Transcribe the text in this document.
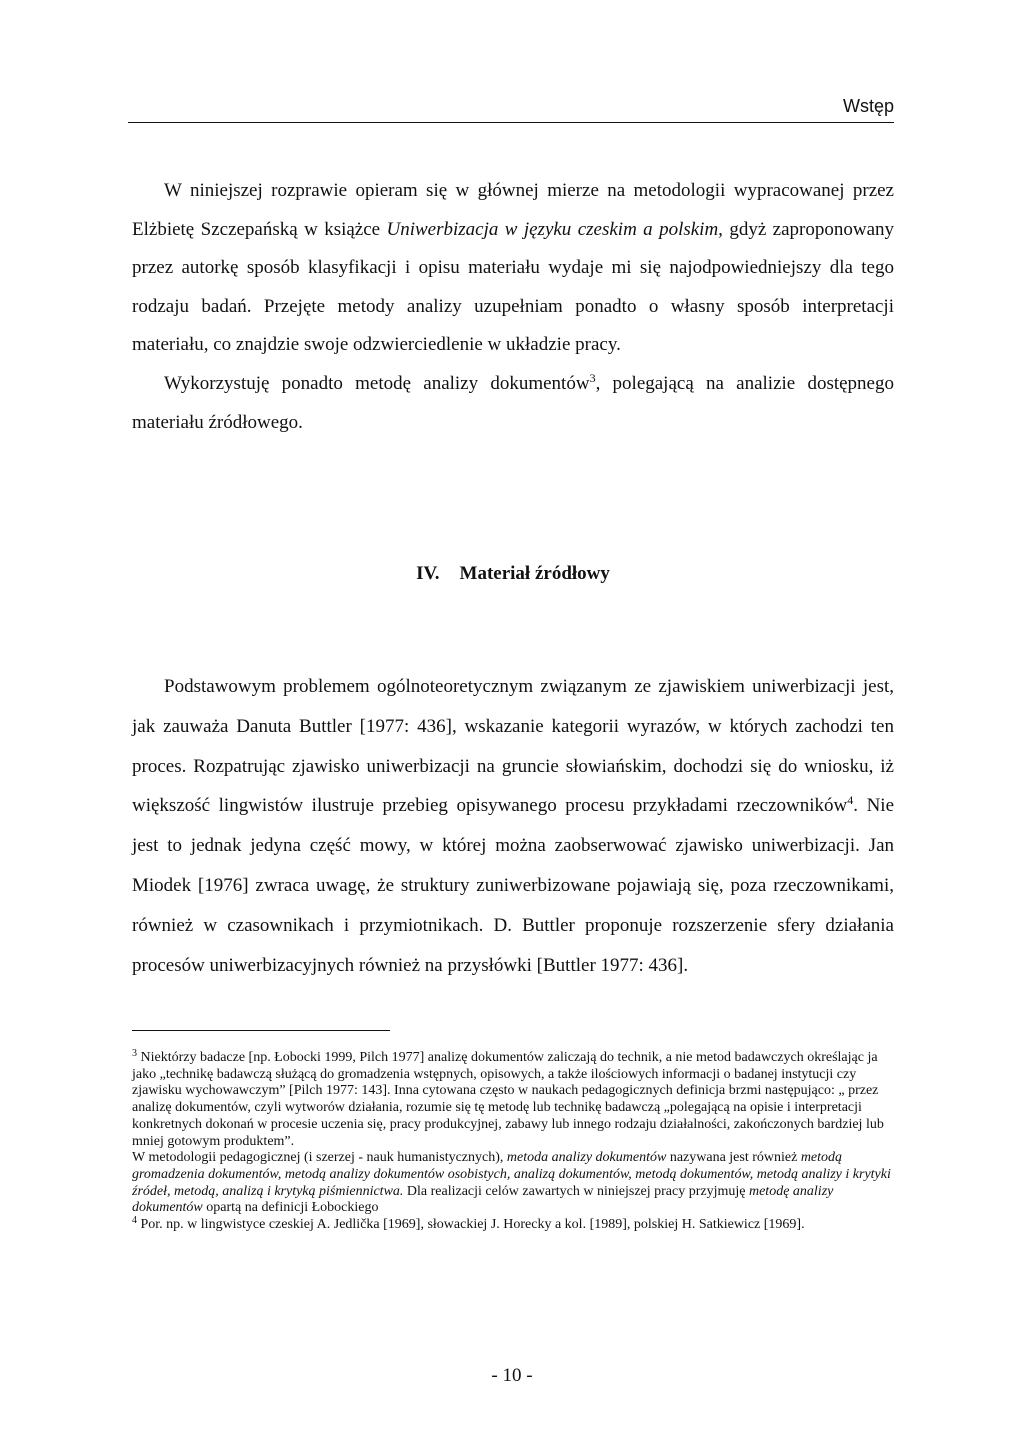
Wstęp

W niniejszej rozprawie opieram się w głównej mierze na metodologii wypracowanej przez Elżbietę Szczepańską w książce Uniwerbizacja w języku czeskim a polskim, gdyż zaproponowany przez autorkę sposób klasyfikacji i opisu materiału wydaje mi się najodpowiedniejszy dla tego rodzaju badań. Przejęte metody analizy uzupełniam ponadto o własny sposób interpretacji materiału, co znajdzie swoje odzwierciedlenie w układzie pracy.

Wykorzystuję ponadto metodę analizy dokumentów$^3$, polegającą na analizie dostępnego materiału źródłowego.

IV. Materiał źródłowy

Podstawowym problemem ogólnoteoretycznym związanym ze zjawiskiem uniwerbizacji jest, jak zauważa Danuta Buttler [1977: 436], wskazanie kategorii wyrazów, w których zachodzi ten proces. Rozpatrując zjawisko uniwerbizacji na gruncie słowiańskim, dochodzi się do wniosku, iż większość lingwistów ilustruje przebieg opisywanego procesu przykładami rzeczowników$^4$. Nie jest to jednak jedyna część mowy, w której można zaobserwować zjawisko uniwerbizacji. Jan Miodek [1976] zwraca uwagę, że struktury zuniwerbizowane pojawiają się, poza rzeczownikami, również w czasownikach i przymiotnikach. D. Buttler proponuje rozszerzenie sfery działania procesów uniwerbizacyjnych również na przysłówki [Buttler 1977: 436].

$^3$ Niektórzy badacze [np. Łobocki 1999, Pilch 1977] analizę dokumentów zaliczają do technik, a nie metod badawczych określając ja jako „technikę badawczą służącą do gromadzenia wstępnych, opisowych, a także ilościowych informacji o badanej instytucji czy zjawisku wychowawczym” [Pilch 1977: 143]. Inna cytowana często w naukach pedagogicznych definicja brzmi następująco: „ przez analizę dokumentów, czyli wytworów działania, rozumie się tę metodę lub technikę badawczą „polegającą na opisie i interpretacji konkretnych dokonań w procesie uczenia się, pracy produkcyjnej, zabawy lub innego rodzaju działalności, zakończonych bardziej lub mniej gotowym produktem”.

W metodologii pedagogicznej (i szerzej - nauk humanistycznych), metoda analizy dokumentów nazywana jest również metodą gromadzenia dokumentów, metodą analizy dokumentów osobistych, analizą dokumentów, metodą dokumentów, metodą analizy i krytyki źródeł, metodą, analizą i krytyką piśmiennictwa. Dla realizacji celów zawartych w niniejszej pracy przyjmuję metodę analizy dokumentów opartą na definicji Łobockiego

$^4$ Por. np. w lingwistyce czeskiej A. Jedlička [1969], słowackiej J. Horecky a kol. [1989], polskiej H. Satkiewicz [1969].

- 10 -
